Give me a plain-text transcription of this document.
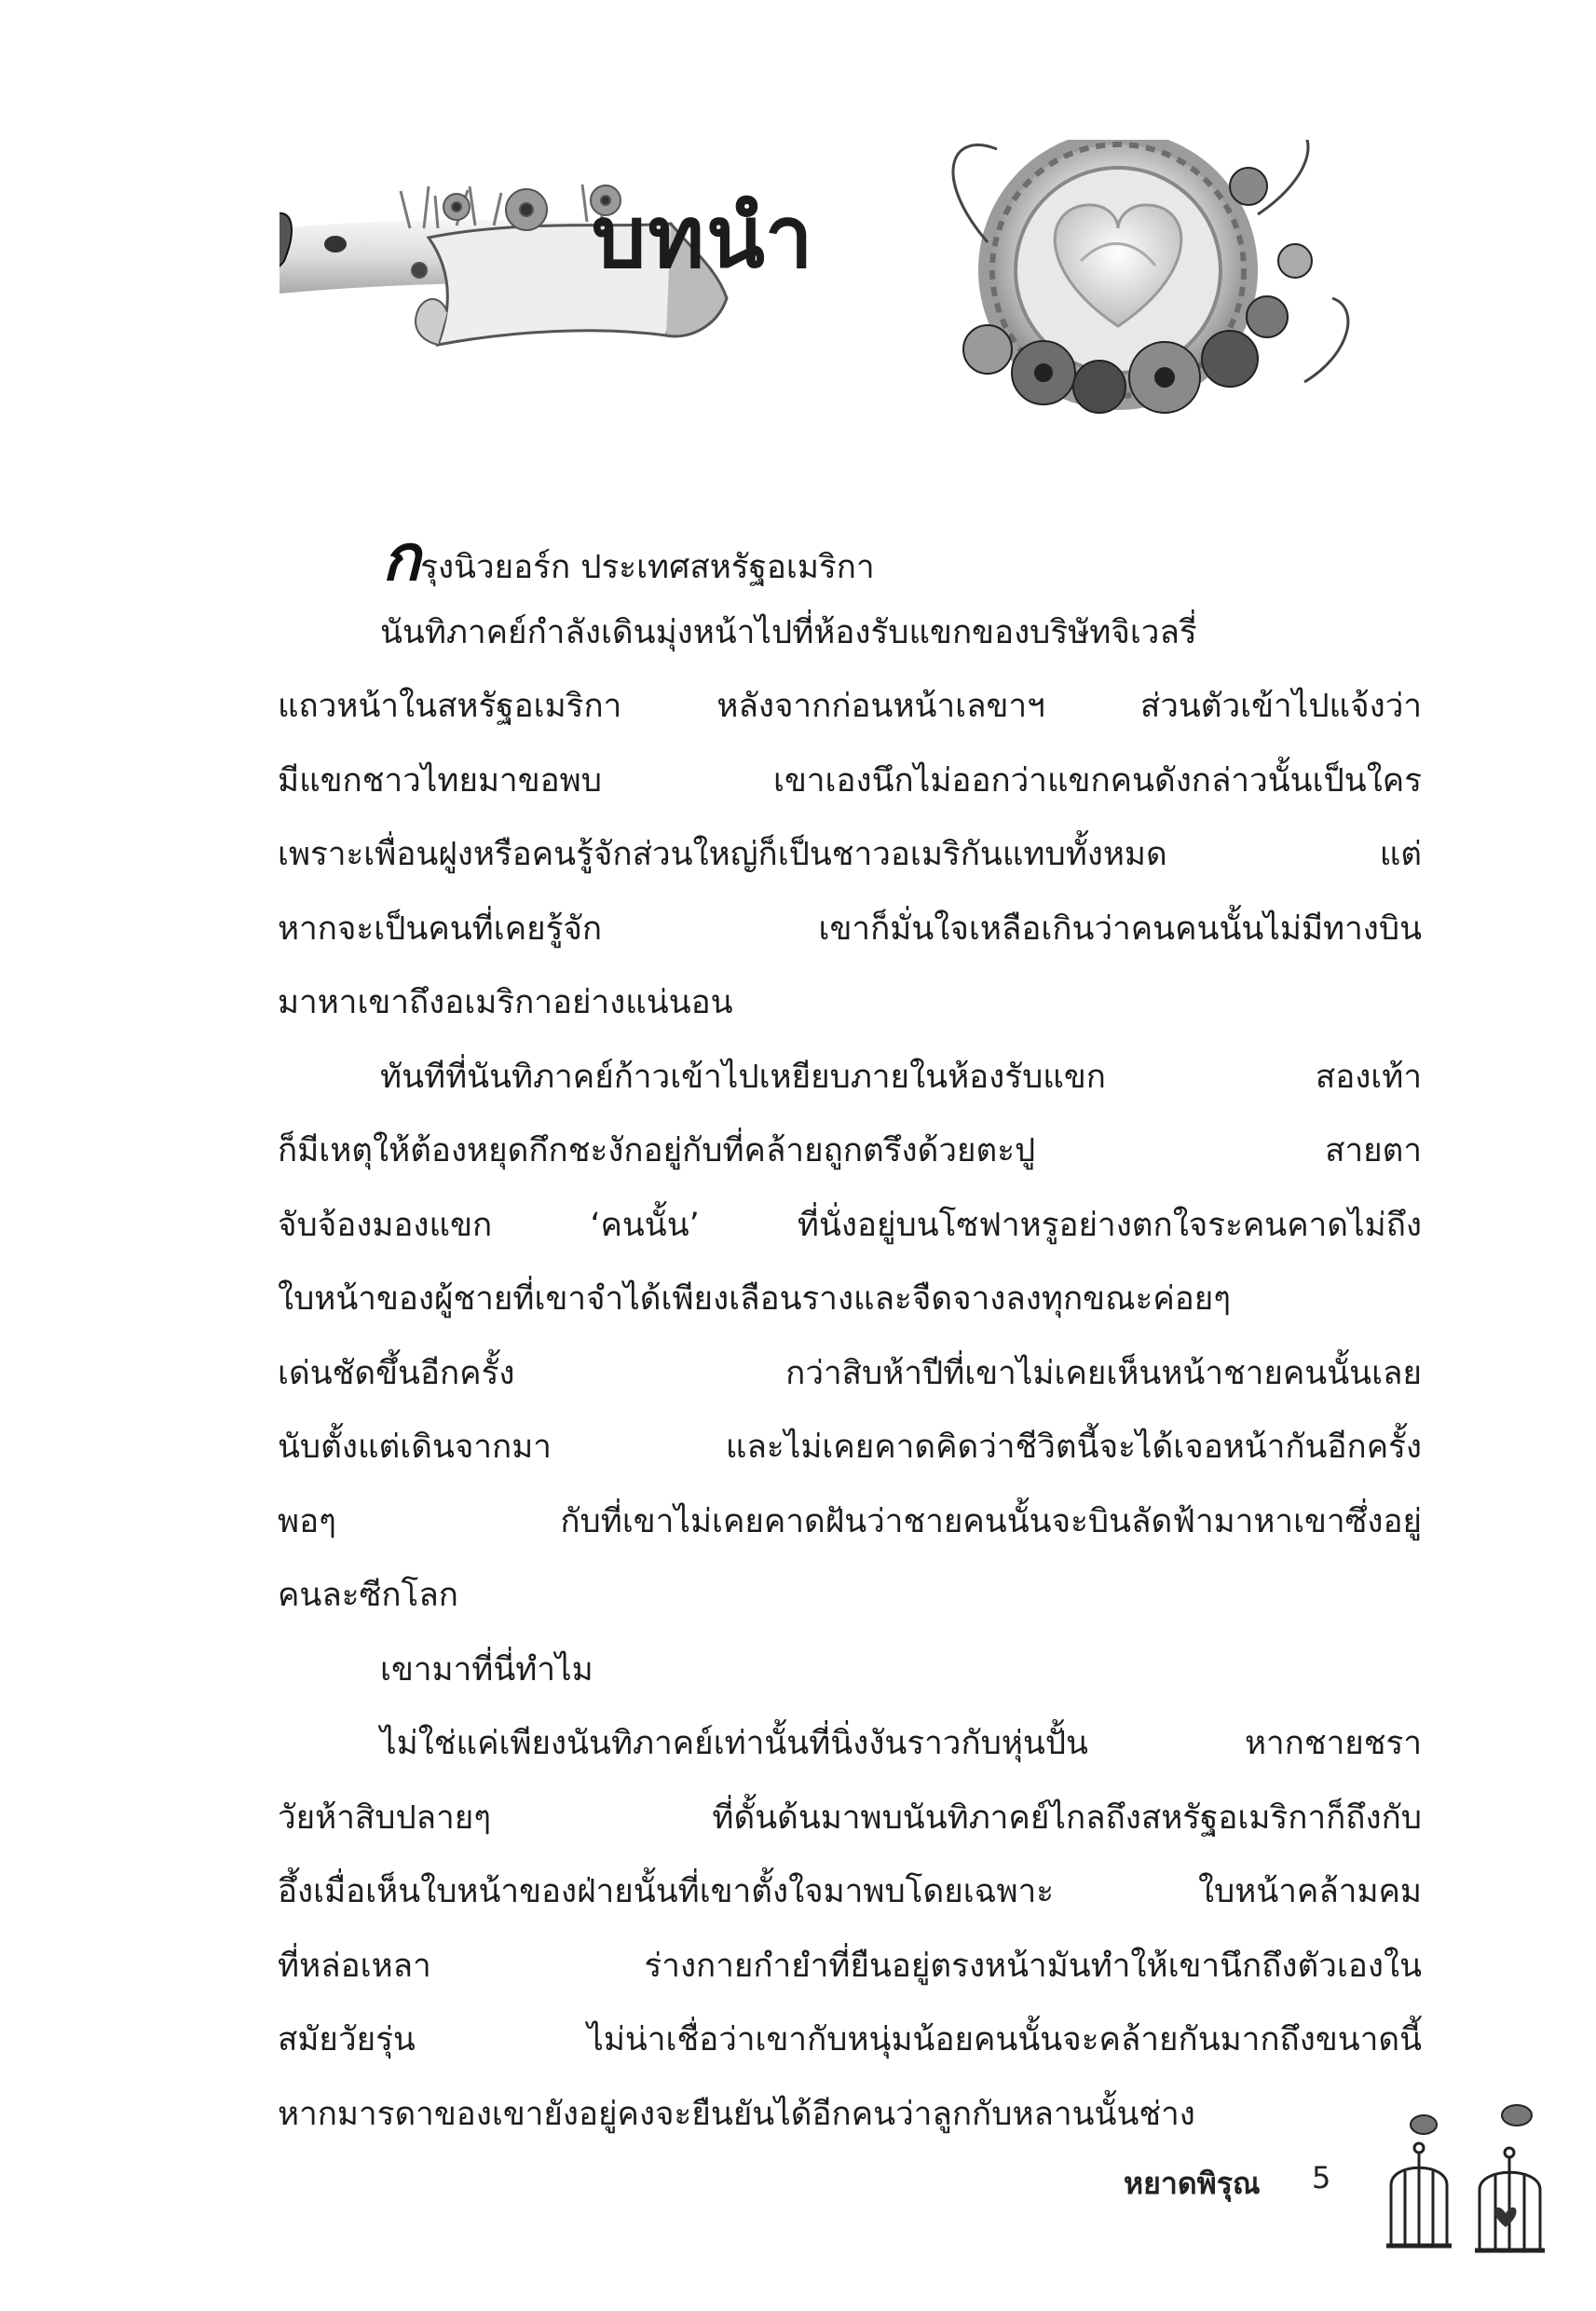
บทนำ
กรุงนิวยอร์ก ประเทศสหรัฐอเมริกา
นันทิภาคย์กำลังเดินมุ่งหน้าไปที่ห้องรับแขกของบริษัทจิเวลรี่
แถวหน้าในสหรัฐอเมริกา หลังจากก่อนหน้าเลขาฯ ส่วนตัวเข้าไปแจ้งว่า
มีแขกชาวไทยมาขอพบ เขาเองนึกไม่ออกว่าแขกคนดังกล่าวนั้นเป็นใคร
เพราะเพื่อนฝูงหรือคนรู้จักส่วนใหญ่ก็เป็นชาวอเมริกันแทบทั้งหมด แต่
หากจะเป็นคนที่เคยรู้จัก เขาก็มั่นใจเหลือเกินว่าคนคนนั้นไม่มีทางบิน
มาหาเขาถึงอเมริกาอย่างแน่นอน
ทันทีที่นันทิภาคย์ก้าวเข้าไปเหยียบภายในห้องรับแขก สองเท้า
ก็มีเหตุให้ต้องหยุดกึกชะงักอยู่กับที่คล้ายถูกตรึงด้วยตะปู สายตา
จับจ้องมองแขก ‘คนนั้น’ ที่นั่งอยู่บนโซฟาหรูอย่างตกใจระคนคาดไม่ถึง
ใบหน้าของผู้ชายที่เขาจำได้เพียงเลือนรางและจืดจางลงทุกขณะค่อยๆ
เด่นชัดขึ้นอีกครั้ง กว่าสิบห้าปีที่เขาไม่เคยเห็นหน้าชายคนนั้นเลย
นับตั้งแต่เดินจากมา และไม่เคยคาดคิดว่าชีวิตนี้จะได้เจอหน้ากันอีกครั้ง
พอๆ กับที่เขาไม่เคยคาดฝันว่าชายคนนั้นจะบินลัดฟ้ามาหาเขาซึ่งอยู่
คนละซีกโลก
เขามาที่นี่ทำไม
ไม่ใช่แค่เพียงนันทิภาคย์เท่านั้นที่นิ่งงันราวกับหุ่นปั้น หากชายชรา
วัยห้าสิบปลายๆ ที่ดั้นด้นมาพบนันทิภาคย์ไกลถึงสหรัฐอเมริกาก็ถึงกับ
อึ้งเมื่อเห็นใบหน้าของฝ่ายนั้นที่เขาตั้งใจมาพบโดยเฉพาะ ใบหน้าคล้ามคม
ที่หล่อเหลา ร่างกายกำยำที่ยืนอยู่ตรงหน้ามันทำให้เขานึกถึงตัวเองใน
สมัยวัยรุ่น ไม่น่าเชื่อว่าเขากับหนุ่มน้อยคนนั้นจะคล้ายกันมากถึงขนาดนี้
หากมารดาของเขายังอยู่คงจะยืนยันได้อีกคนว่าลูกกับหลานนั้นช่าง
หยาดพิรุณ 5
